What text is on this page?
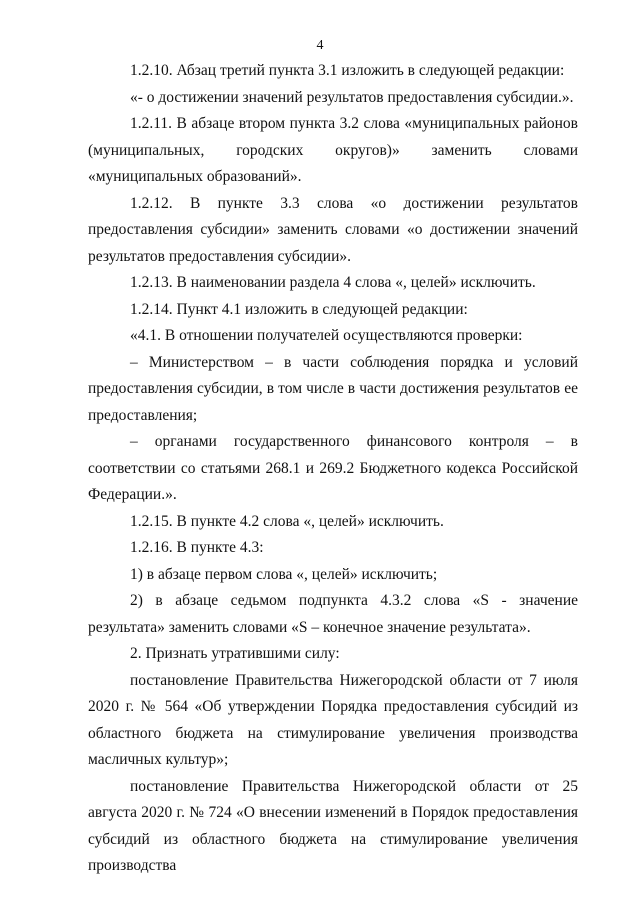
4

1.2.10. Абзац третий пункта 3.1 изложить в следующей редакции:

«- о достижении значений результатов предоставления субсидии.».

1.2.11. В абзаце втором пункта 3.2 слова «муниципальных районов (муниципальных, городских округов)» заменить словами «муниципальных образований».

1.2.12. В пункте 3.3 слова «о достижении результатов предоставления субсидии» заменить словами «о достижении значений результатов предоставления субсидии».

1.2.13. В наименовании раздела 4 слова «, целей» исключить.

1.2.14. Пункт 4.1 изложить в следующей редакции:

«4.1. В отношении получателей осуществляются проверки:

– Министерством – в части соблюдения порядка и условий предоставления субсидии, в том числе в части достижения результатов ее предоставления;

– органами государственного финансового контроля – в соответствии со статьями 268.1 и 269.2 Бюджетного кодекса Российской Федерации.».

1.2.15. В пункте 4.2 слова «, целей» исключить.

1.2.16. В пункте 4.3:

1) в абзаце первом слова «, целей» исключить;

2) в абзаце седьмом подпункта 4.3.2 слова «S - значение результата» заменить словами «S – конечное значение результата».

2. Признать утратившими силу:

постановление Правительства Нижегородской области от 7 июля 2020 г. № 564 «Об утверждении Порядка предоставления субсидий из областного бюджета на стимулирование увеличения производства масличных культур»;

постановление Правительства Нижегородской области от 25 августа 2020 г. № 724 «О внесении изменений в Порядок предоставления субсидий из областного бюджета на стимулирование увеличения производства
